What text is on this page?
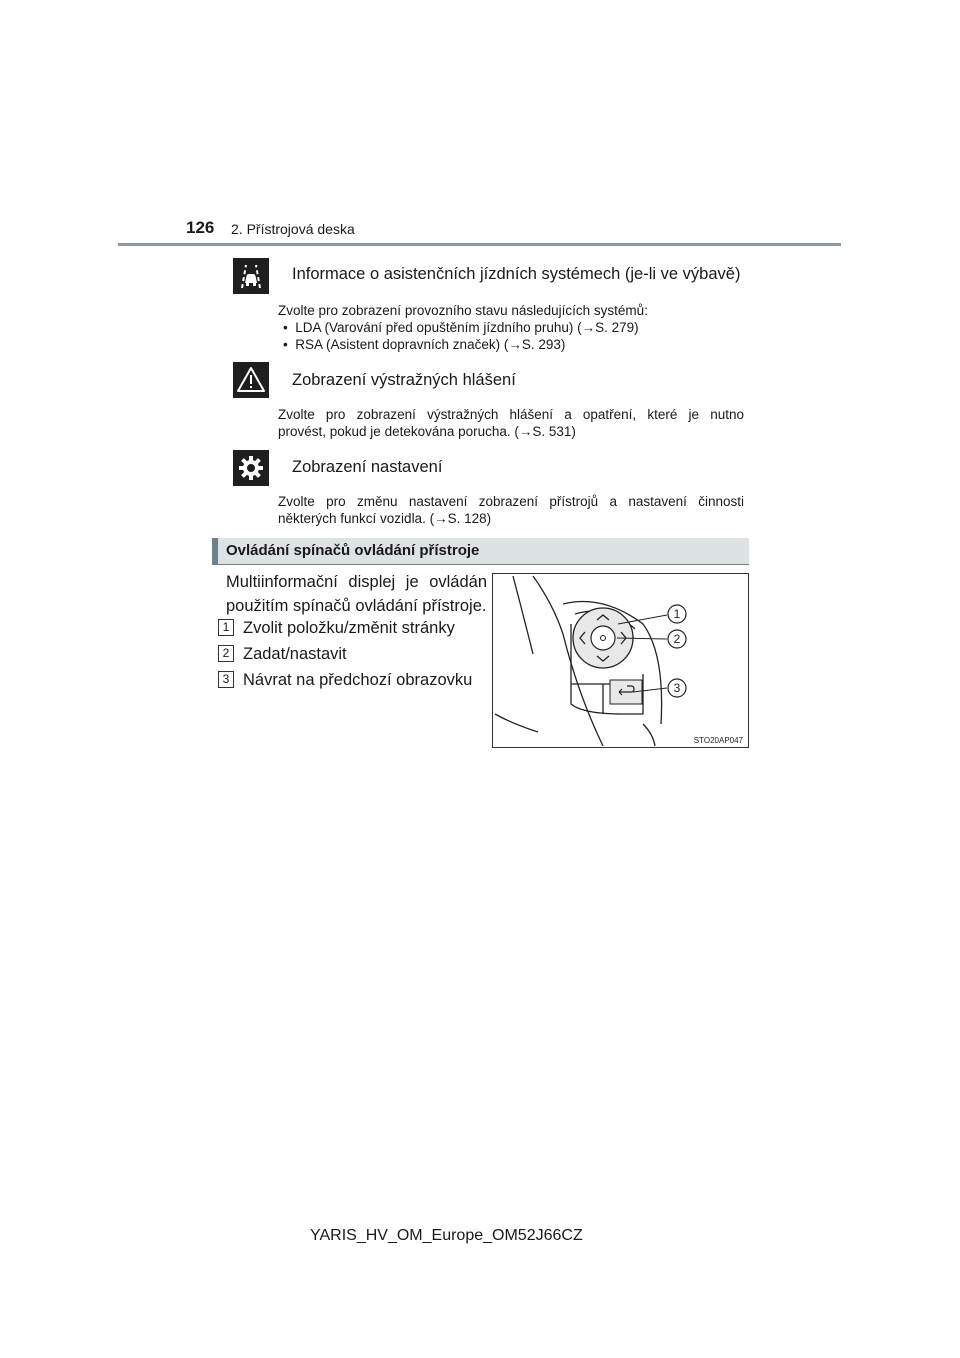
126 2. Přístrojová deska
Informace o asistenčních jízdních systémech (je-li ve výbavě)
Zvolte pro zobrazení provozního stavu následujících systémů:
•  LDA (Varování před opuštěním jízdního pruhu) (→S. 279)
•  RSA (Asistent dopravních značek) (→S. 293)
Zobrazení výstražných hlášení
Zvolte pro zobrazení výstražných hlášení a opatření, které je nutno
provést, pokud je detekována porucha. (→S. 531)
Zobrazení nastavení
Zvolte pro změnu nastavení zobrazení přístrojů a nastavení činnosti
některých funkcí vozidla. (→S. 128)
Ovládání spínačů ovládání přístroje
Multiinformační displej je ovládán
použitím spínačů ovládání přístroje.
1 Zvolit položku/změnit stránky
2 Zadat/nastavit
3 Návrat na předchozí obrazovku
1
2
3
STO20AP047
YARIS_HV_OM_Europe_OM52J66CZ
